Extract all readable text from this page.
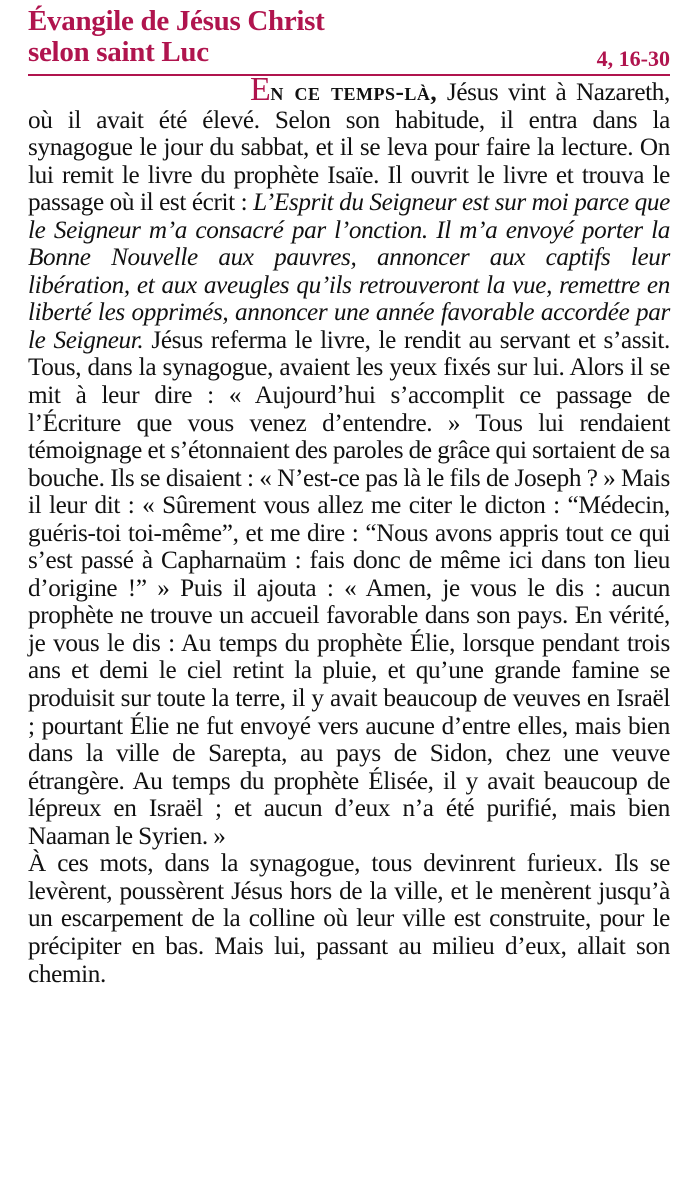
Évangile de Jésus Christ
selon saint Luc	4, 16-30

En ce temps-là, Jésus vint à Nazareth, où il avait été élevé. Selon son habitude, il entra dans la synagogue le jour du sabbat, et il se leva pour faire la lecture. On lui remit le livre du prophète Isaïe. Il ouvrit le livre et trouva le passage où il est écrit : L’Esprit du Seigneur est sur moi parce que le Seigneur m’a consacré par l’onction. Il m’a envoyé porter la Bonne Nouvelle aux pauvres, annoncer aux captifs leur libération, et aux aveugles qu’ils retrouveront la vue, remettre en liberté les opprimés, annoncer une année favorable accordée par le Seigneur. Jésus referma le livre, le rendit au servant et s’assit. Tous, dans la synagogue, avaient les yeux fixés sur lui. Alors il se mit à leur dire : « Aujourd’hui s’accomplit ce passage de l’Écriture que vous venez d’entendre. » Tous lui rendaient témoignage et s’étonnaient des paroles de grâce qui sortaient de sa bouche. Ils se disaient : « N’est-ce pas là le fils de Joseph ? » Mais il leur dit : « Sûrement vous allez me citer le dicton : “Médecin, guéris-toi toi-même”, et me dire : “Nous avons appris tout ce qui s’est passé à Capharnaüm : fais donc de même ici dans ton lieu d’origine !” » Puis il ajouta : « Amen, je vous le dis : aucun prophète ne trouve un accueil favorable dans son pays. En vérité, je vous le dis : Au temps du prophète Élie, lorsque pendant trois ans et demi le ciel retint la pluie, et qu’une grande famine se produisit sur toute la terre, il y avait beaucoup de veuves en Israël ; pourtant Élie ne fut envoyé vers aucune d’entre elles, mais bien dans la ville de Sarepta, au pays de Sidon, chez une veuve étrangère. Au temps du prophète Élisée, il y avait beaucoup de lépreux en Israël ; et aucun d’eux n’a été purifié, mais bien Naaman le Syrien. »

À ces mots, dans la synagogue, tous devinrent furieux. Ils se levèrent, poussèrent Jésus hors de la ville, et le menèrent jusqu’à un escarpement de la colline où leur ville est construite, pour le précipiter en bas. Mais lui, passant au milieu d’eux, allait son chemin.
